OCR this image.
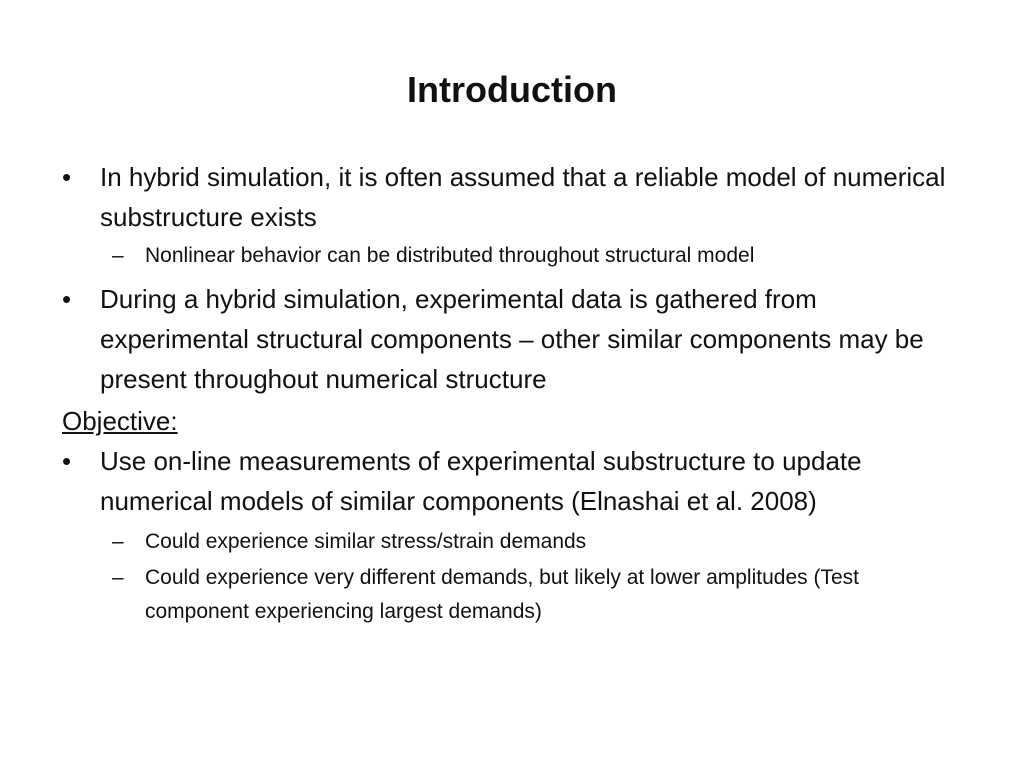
Introduction
•	In hybrid simulation, it is often assumed that a reliable model of numerical substructure exists
– Nonlinear behavior can be distributed throughout structural model
•	During a hybrid simulation, experimental data is gathered from experimental structural components – other similar components may be present throughout numerical structure
Objective:
•	Use on-line measurements of experimental substructure to update numerical models of similar components (Elnashai et al. 2008)
– Could experience similar stress/strain demands
– Could experience very different demands, but likely at lower amplitudes (Test component experiencing largest demands)
